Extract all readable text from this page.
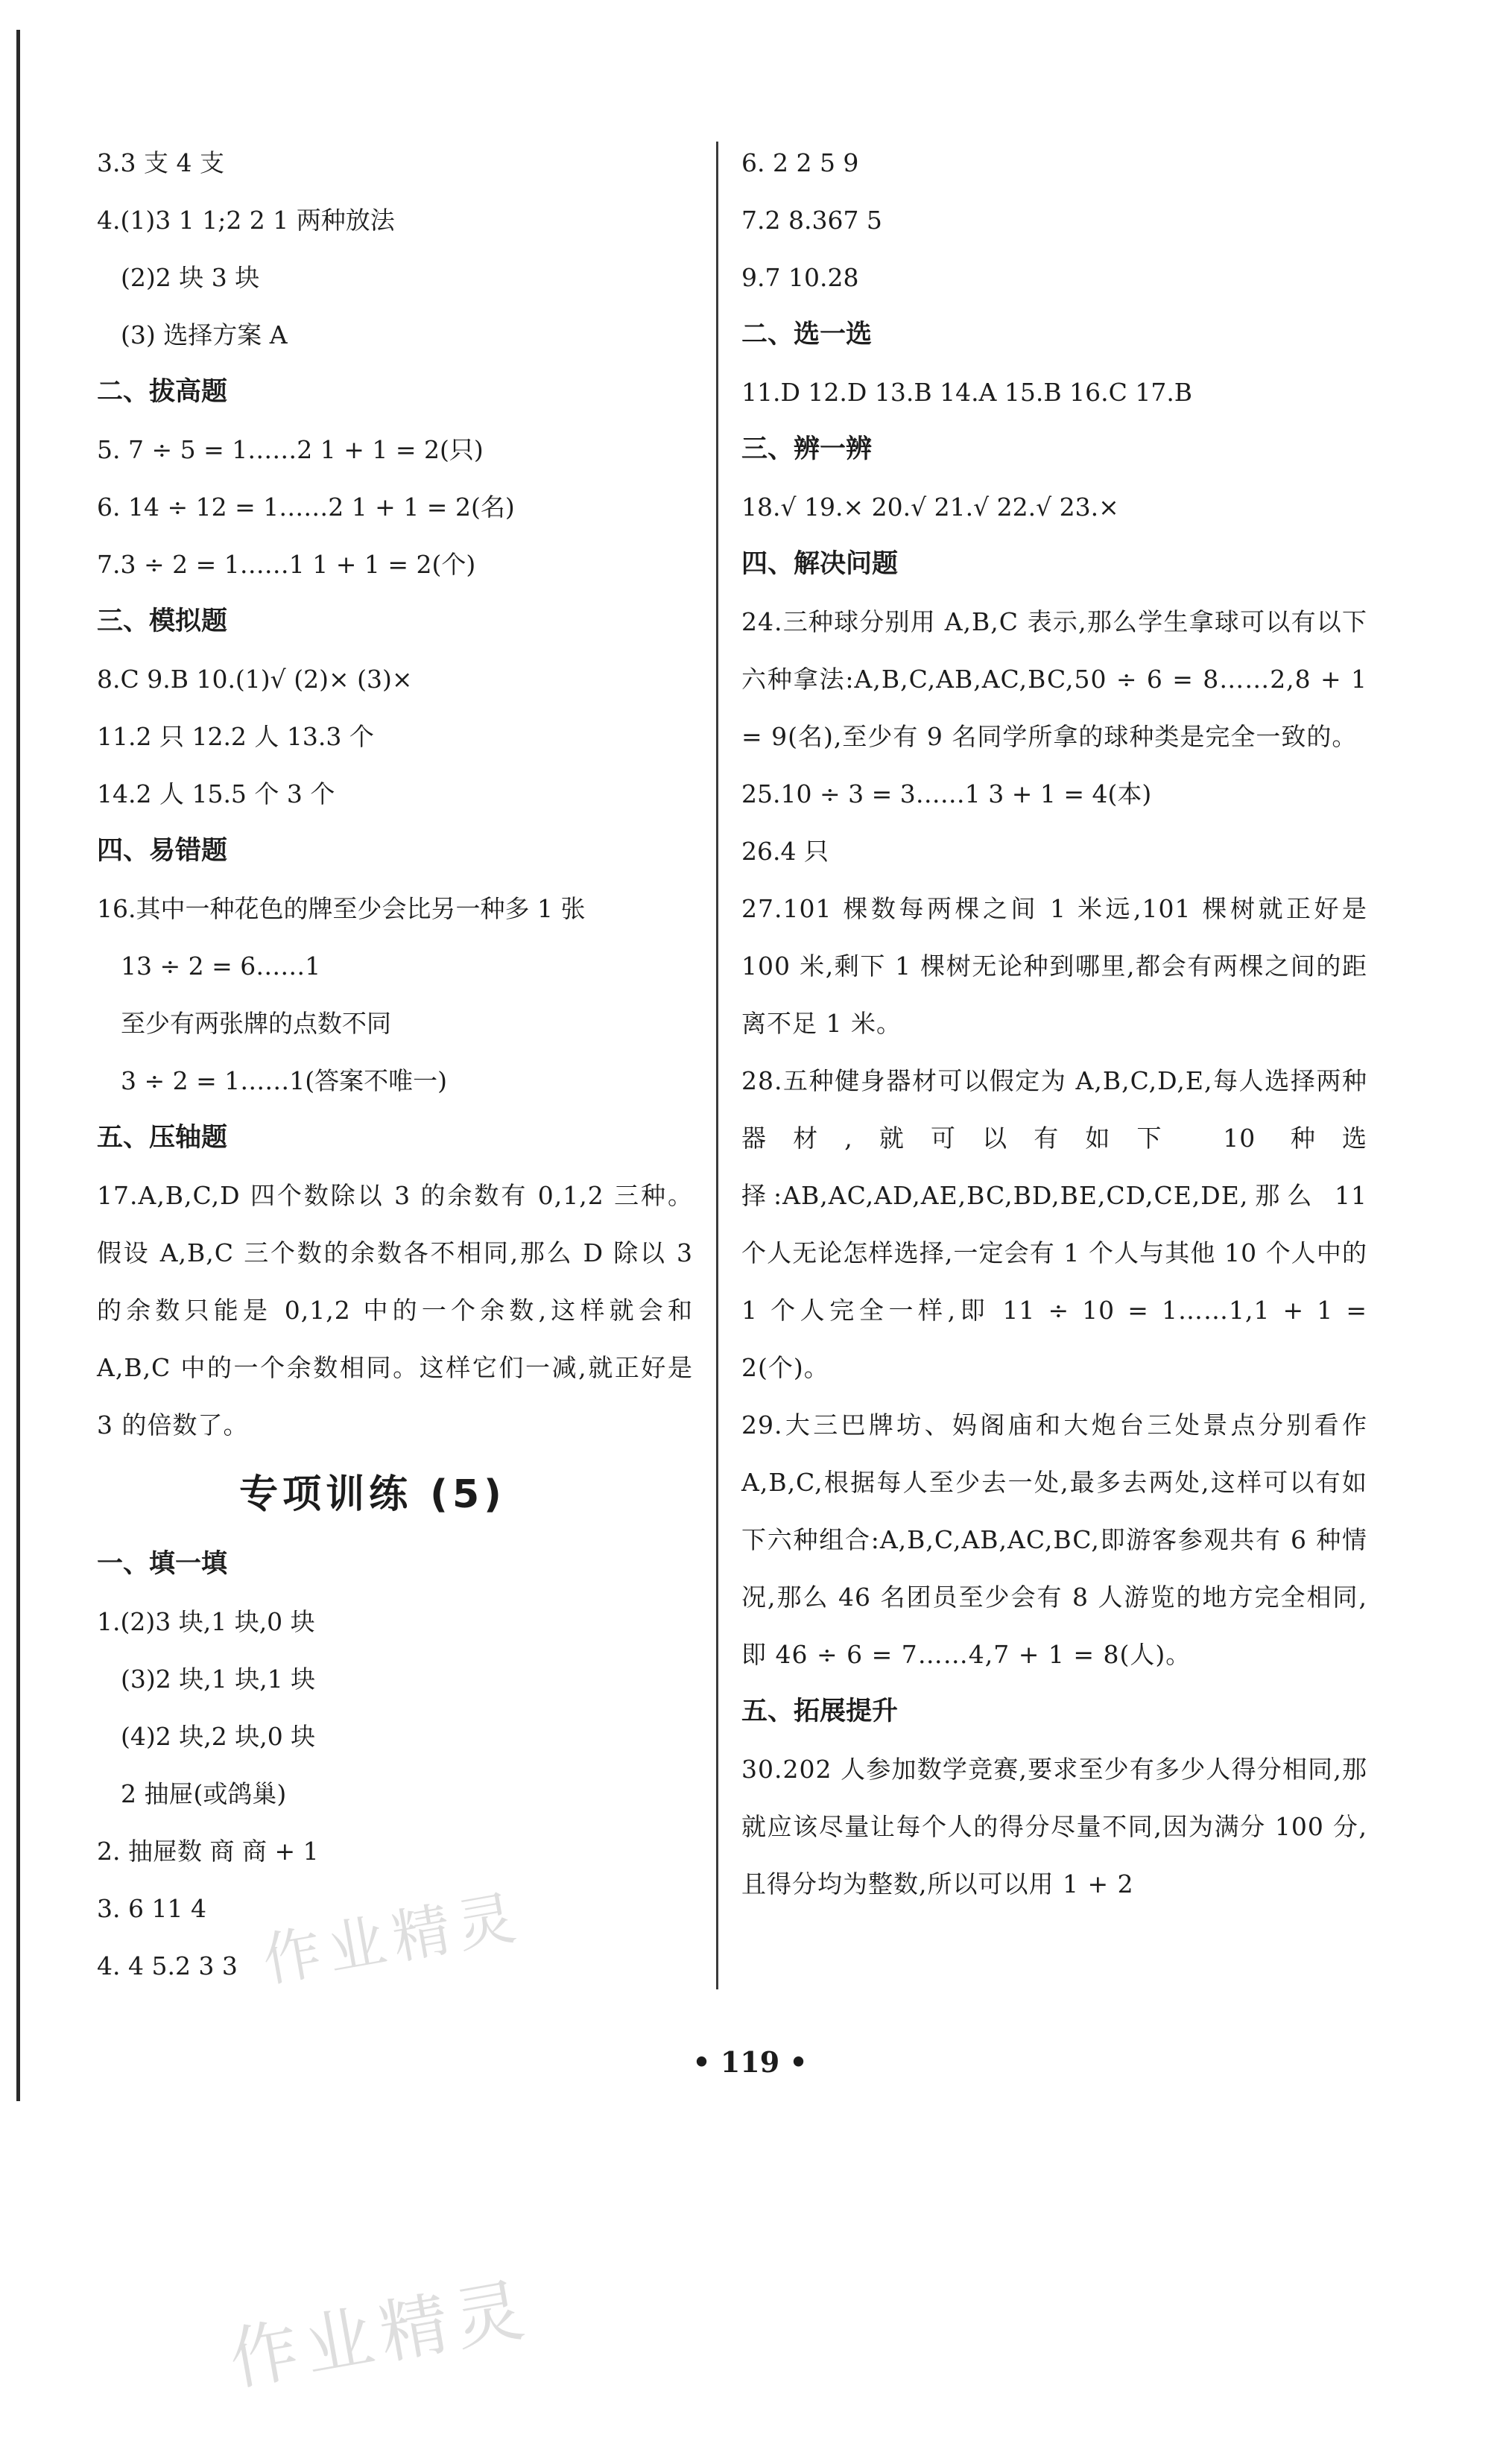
3.3 支 4 支
4.(1)3 1 1;2 2 1 两种放法
(2)2 块 3 块
(3) 选择方案 A
二、拔高题
5. 7 ÷ 5 = 1……2 1 + 1 = 2(只)
6. 14 ÷ 12 = 1……2 1 + 1 = 2(名)
7.3 ÷ 2 = 1……1 1 + 1 = 2(个)
三、模拟题
8.C 9.B 10.(1)√ (2)× (3)×
11.2 只 12.2 人 13.3 个
14.2 人 15.5 个 3 个
四、易错题
16.其中一种花色的牌至少会比另一种多 1 张
13 ÷ 2 = 6……1
至少有两张牌的点数不同
3 ÷ 2 = 1……1(答案不唯一)
五、压轴题

17.A,B,C,D 四个数除以 3 的余数有 0,1,2 三种。假设 A,B,C 三个数的余数各不相同,那么 D 除以 3 的余数只能是 0,1,2 中的一个余数,这样就会和 A,B,C 中的一个余数相同。这样它们一减,就正好是 3 的倍数了。

专项训练 (5)
一、填一填
1.(2)3 块,1 块,0 块
(3)2 块,1 块,1 块
(4)2 块,2 块,0 块
2 抽屉(或鸽巢)
2. 抽屉数 商 商 + 1
3. 6 11 4
4. 4 5.2 3 3
6. 2 2 5 9
7.2 8.367 5
9.7 10.28
二、选一选
11.D 12.D 13.B 14.A 15.B 16.C 17.B
三、辨一辨
18.√ 19.× 20.√ 21.√ 22.√ 23.×
四、解决问题

24.三种球分别用 A,B,C 表示,那么学生拿球可以有以下六种拿法:A,B,C,AB,AC,BC,50 ÷ 6 = 8……2,8 + 1 = 9(名),至少有 9 名同学所拿的球种类是完全一致的。

25.10 ÷ 3 = 3……1 3 + 1 = 4(本)
26.4 只

27.101 棵数每两棵之间 1 米远,101 棵树就正好是 100 米,剩下 1 棵树无论种到哪里,都会有两棵之间的距离不足 1 米。

28.五种健身器材可以假定为 A,B,C,D,E,每人选择两种器材,就可以有如下 10 种选择:AB,AC,AD,AE,BC,BD,BE,CD,CE,DE,那么 11 个人无论怎样选择,一定会有 1 个人与其他 10 个人中的 1 个人完全一样,即 11 ÷ 10 = 1……1,1 + 1 = 2(个)。

29.大三巴牌坊、妈阁庙和大炮台三处景点分别看作 A,B,C,根据每人至少去一处,最多去两处,这样可以有如下六种组合:A,B,C,AB,AC,BC,即游客参观共有 6 种情况,那么 46 名团员至少会有 8 人游览的地方完全相同,即 46 ÷ 6 = 7……4,7 + 1 = 8(人)。

五、拓展提升

30.202 人参加数学竞赛,要求至少有多少人得分相同,那就应该尽量让每个人的得分尽量不同,因为满分 100 分,且得分均为整数,所以可以用 1 + 2

• 119 •
作业精灵
作业精灵
